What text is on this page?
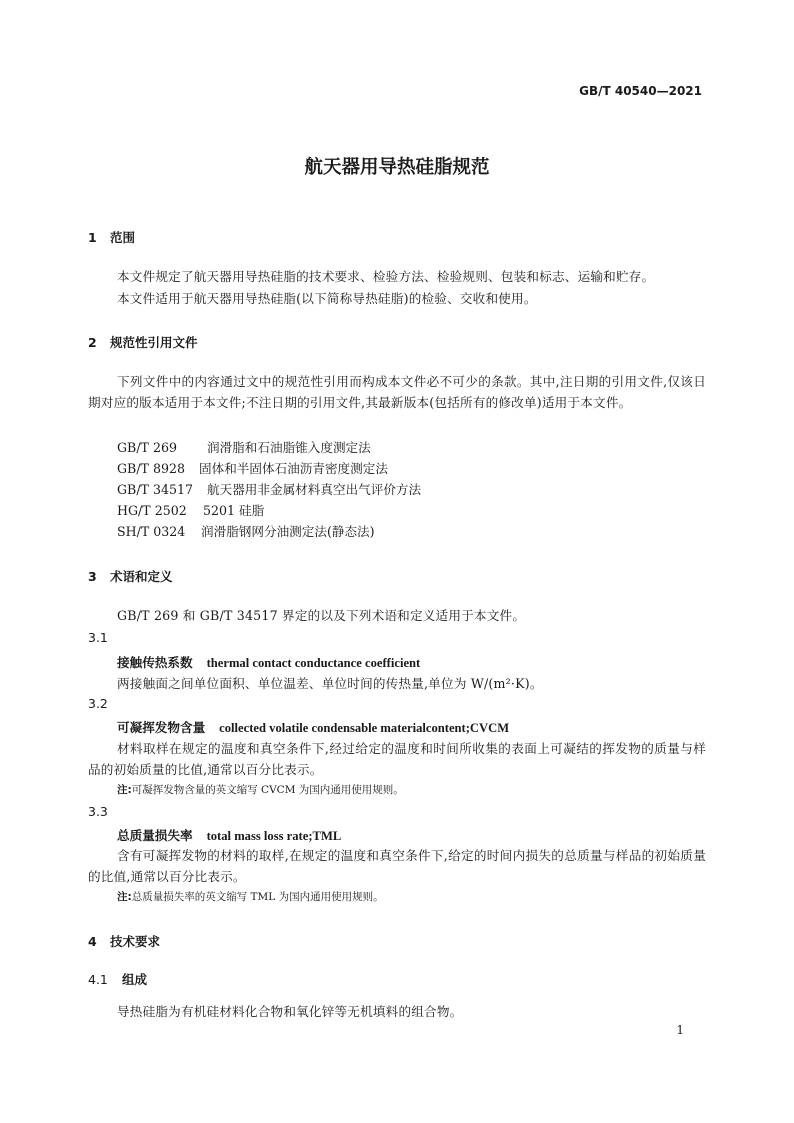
GB/T 40540—2021
航天器用导热硅脂规范
1 范围
本文件规定了航天器用导热硅脂的技术要求、检验方法、检验规则、包装和标志、运输和贮存。
本文件适用于航天器用导热硅脂(以下简称导热硅脂)的检验、交收和使用。
2 规范性引用文件
下列文件中的内容通过文中的规范性引用而构成本文件必不可少的条款。其中,注日期的引用文件,仅该日期对应的版本适用于本文件;不注日期的引用文件,其最新版本(包括所有的修改单)适用于本文件。
GB/T 269 润滑脂和石油脂锥入度测定法
GB/T 8928 固体和半固体石油沥青密度测定法
GB/T 34517 航天器用非金属材料真空出气评价方法
HG/T 2502 5201 硅脂
SH/T 0324 润滑脂钢网分油测定法(静态法)
3 术语和定义
GB/T 269 和 GB/T 34517 界定的以及下列术语和定义适用于本文件。
3.1
接触传热系数 thermal contact conductance coefficient
两接触面之间单位面积、单位温差、单位时间的传热量,单位为 W/(m²·K)。
3.2
可凝挥发物含量 collected volatile condensable materialcontent;CVCM
材料取样在规定的温度和真空条件下,经过给定的温度和时间所收集的表面上可凝结的挥发物的质量与样品的初始质量的比值,通常以百分比表示。
注:可凝挥发物含量的英文缩写 CVCM 为国内通用使用规则。
3.3
总质量损失率 total mass loss rate;TML
含有可凝挥发物的材料的取样,在规定的温度和真空条件下,给定的时间内损失的总质量与样品的初始质量的比值,通常以百分比表示。
注:总质量损失率的英文缩写 TML 为国内通用使用规则。
4 技术要求
4.1 组成
导热硅脂为有机硅材料化合物和氧化锌等无机填料的组合物。
1
